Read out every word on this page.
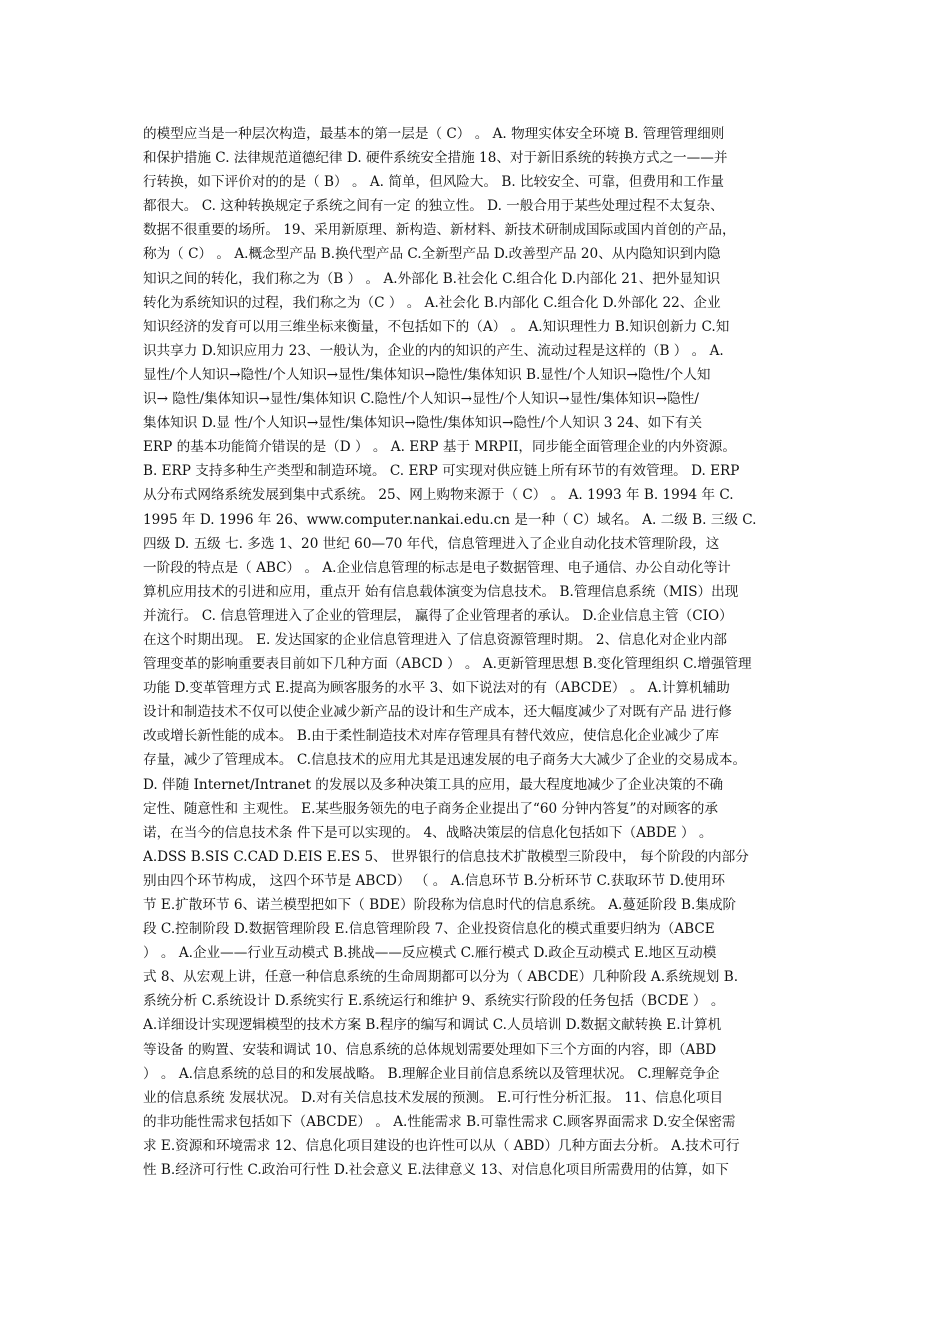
的模型应当是一种层次构造，最基本的第一层是（ C） 。 A. 物理实体安全环境 B. 管理管理细则
和保护措施 C. 法律规范道德纪律 D. 硬件系统安全措施 18、对于新旧系统的转换方式之一——并
行转换，如下评价对的的是（ B） 。 A. 简单，但风险大。 B. 比较安全、可靠，但费用和工作量
都很大。 C. 这种转换规定子系统之间有一定 的独立性。 D. 一般合用于某些处理过程不太复杂、
数据不很重要的场所。 19、采用新原理、新构造、新材料、新技术研制成国际或国内首创的产品，
称为（ C） 。 A.概念型产品 B.换代型产品 C.全新型产品 D.改善型产品 20、从内隐知识到内隐
知识之间的转化，我们称之为（B ） 。 A.外部化 B.社会化 C.组合化 D.内部化 21、把外显知识
转化为系统知识的过程，我们称之为（C ） 。 A.社会化 B.内部化 C.组合化 D.外部化 22、企业
知识经济的发育可以用三维坐标来衡量，不包括如下的（A） 。 A.知识理性力 B.知识创新力 C.知
识共享力 D.知识应用力 23、一般认为，企业的内的知识的产生、流动过程是这样的（B ） 。 A.
显性/个人知识→隐性/个人知识→显性/集体知识→隐性/集体知识 B.显性/个人知识→隐性/个人知
识→ 隐性/集体知识→显性/集体知识 C.隐性/个人知识→显性/个人知识→显性/集体知识→隐性/
集体知识 D.显 性/个人知识→显性/集体知识→隐性/集体知识→隐性/个人知识 3 24、如下有关
ERP 的基本功能简介错误的是（D ） 。 A. ERP 基于 MRPII，同步能全面管理企业的内外资源。
B. ERP 支持多种生产类型和制造环境。 C. ERP 可实现对供应链上所有环节的有效管理。 D. ERP
从分布式网络系统发展到集中式系统。 25、网上购物来源于（ C） 。 A. 1993 年 B. 1994 年 C.
1995 年 D. 1996 年 26、www.computer.nankai.edu.cn 是一种（ C）域名。 A. 二级 B. 三级 C.
四级 D. 五级 七. 多选 1、20 世纪 60—70 年代，信息管理进入了企业自动化技术管理阶段，这
一阶段的特点是（ ABC） 。 A.企业信息管理的标志是电子数据管理、电子通信、办公自动化等计
算机应用技术的引进和应用，重点开 始有信息载体演变为信息技术。 B.管理信息系统（MIS）出现
并流行。 C. 信息管理进入了企业的管理层， 赢得了企业管理者的承认。 D.企业信息主管（CIO）
在这个时期出现。 E. 发达国家的企业信息管理进入 了信息资源管理时期。 2、信息化对企业内部
管理变革的影响重要表目前如下几种方面（ABCD ） 。 A.更新管理思想 B.变化管理组织 C.增强管理
功能 D.变革管理方式 E.提高为顾客服务的水平 3、如下说法对的有（ABCDE） 。 A.计算机辅助
设计和制造技术不仅可以使企业减少新产品的设计和生产成本，还大幅度减少了对既有产品 进行修
改或增长新性能的成本。 B.由于柔性制造技术对库存管理具有替代效应，使信息化企业减少了库
存量，减少了管理成本。 C.信息技术的应用尤其是迅速发展的电子商务大大减少了企业的交易成本。
D. 伴随 Internet/Intranet 的发展以及多种决策工具的应用，最大程度地减少了企业决策的不确
定性、随意性和 主观性。 E.某些服务领先的电子商务企业提出了“60 分钟内答复”的对顾客的承
诺，在当今的信息技术条 件下是可以实现的。 4、战略决策层的信息化包括如下（ABDE ） 。
A.DSS B.SIS C.CAD D.EIS E.ES 5、 世界银行的信息技术扩散模型三阶段中， 每个阶段的内部分
别由四个环节构成， 这四个环节是 ABCD） （ 。 A.信息环节 B.分析环节 C.获取环节 D.使用环
节 E.扩散环节 6、诺兰模型把如下（ BDE）阶段称为信息时代的信息系统。 A.蔓延阶段 B.集成阶
段 C.控制阶段 D.数据管理阶段 E.信息管理阶段 7、企业投资信息化的模式重要归纳为（ABCE
） 。 A.企业——行业互动模式 B.挑战——反应模式 C.雁行模式 D.政企互动模式 E.地区互动模
式 8、从宏观上讲，任意一种信息系统的生命周期都可以分为（ ABCDE）几种阶段 A.系统规划 B.
系统分析 C.系统设计 D.系统实行 E.系统运行和维护 9、系统实行阶段的任务包括（BCDE ） 。
A.详细设计实现逻辑模型的技术方案 B.程序的编写和调试 C.人员培训 D.数据文献转换 E.计算机
等设备 的购置、安装和调试 10、信息系统的总体规划需要处理如下三个方面的内容，即（ABD
） 。 A.信息系统的总目的和发展战略。 B.理解企业目前信息系统以及管理状况。 C.理解竞争企
业的信息系统 发展状况。 D.对有关信息技术发展的预测。 E.可行性分析汇报。 11、信息化项目
的非功能性需求包括如下（ABCDE） 。 A.性能需求 B.可靠性需求 C.顾客界面需求 D.安全保密需
求 E.资源和环境需求 12、信息化项目建设的也许性可以从（ ABD）几种方面去分析。 A.技术可行
性 B.经济可行性 C.政治可行性 D.社会意义 E.法律意义 13、对信息化项目所需费用的估算，如下
